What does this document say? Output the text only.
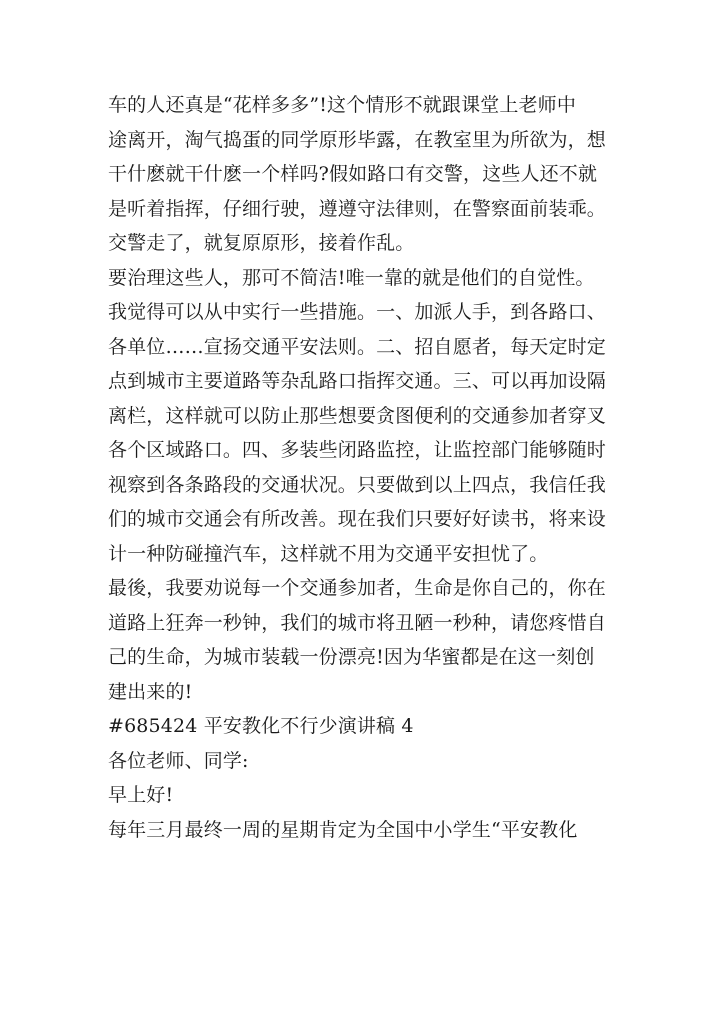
车的人还真是“花样多多”!这个情形不就跟课堂上老师中
途离开，淘气捣蛋的同学原形毕露，在教室里为所欲为，想
干什麽就干什麽一个样吗?假如路口有交警，这些人还不就
是听着指挥，仔细行驶，遵遵守法律则，在警察面前装乖。
交警走了，就复原原形，接着作乱。
要治理这些人，那可不简洁!唯一靠的就是他们的自觉性。
我觉得可以从中实行一些措施。一、加派人手，到各路口、
各单位……宣扬交通平安法则。二、招自愿者，每天定时定
点到城市主要道路等杂乱路口指挥交通。三、可以再加设隔
离栏，这样就可以防止那些想要贪图便利的交通参加者穿叉
各个区域路口。四、多装些闭路监控，让监控部门能够随时
视察到各条路段的交通状况。只要做到以上四点，我信任我
们的城市交通会有所改善。现在我们只要好好读书，将来设
计一种防碰撞汽车，这样就不用为交通平安担忧了。
最後，我要劝说每一个交通参加者，生命是你自己的，你在
道路上狂奔一秒钟，我们的城市将丑陋一秒种，请您疼惜自
己的生命，为城市装载一份漂亮!因为华蜜都是在这一刻创
建出来的!
#685424 平安教化不行少演讲稿 4
各位老师、同学:
早上好!
每年三月最终一周的星期肯定为全国中小学生“平安教化
